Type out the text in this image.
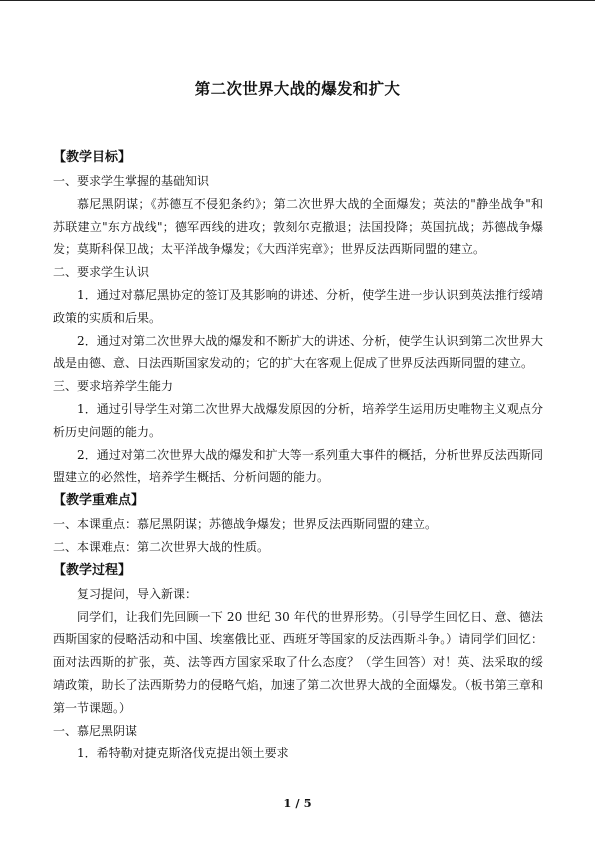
第二次世界大战的爆发和扩大

【教学目标】

一、要求学生掌握的基础知识

慕尼黑阴谋；《苏德互不侵犯条约》；第二次世界大战的全面爆发；英法的"静坐战争"和苏联建立"东方战线"；德军西线的进攻；敦刻尔克撤退；法国投降；英国抗战；苏德战争爆发；莫斯科保卫战；太平洋战争爆发；《大西洋宪章》；世界反法西斯同盟的建立。

二、要求学生认识

1．通过对慕尼黑协定的签订及其影响的讲述、分析，使学生进一步认识到英法推行绥靖政策的实质和后果。

2．通过对第二次世界大战的爆发和不断扩大的讲述、分析，使学生认识到第二次世界大战是由德、意、日法西斯国家发动的；它的扩大在客观上促成了世界反法西斯同盟的建立。

三、要求培养学生能力

1．通过引导学生对第二次世界大战爆发原因的分析，培养学生运用历史唯物主义观点分析历史问题的能力。

2．通过对第二次世界大战的爆发和扩大等一系列重大事件的概括，分析世界反法西斯同盟建立的必然性，培养学生概括、分析问题的能力。

【教学重难点】

一、本课重点：慕尼黑阴谋；苏德战争爆发；世界反法西斯同盟的建立。

二、本课难点：第二次世界大战的性质。

【教学过程】

复习提问，导入新课：

同学们，让我们先回顾一下 20 世纪 30 年代的世界形势。（引导学生回忆日、意、德法西斯国家的侵略活动和中国、埃塞俄比亚、西班牙等国家的反法西斯斗争。）请同学们回忆：面对法西斯的扩张，英、法等西方国家采取了什么态度？（学生回答）对！英、法采取的绥靖政策，助长了法西斯势力的侵略气焰，加速了第二次世界大战的全面爆发。（板书第三章和第一节课题。）

一、慕尼黑阴谋

1．希特勒对捷克斯洛伐克提出领土要求

1 / 5
